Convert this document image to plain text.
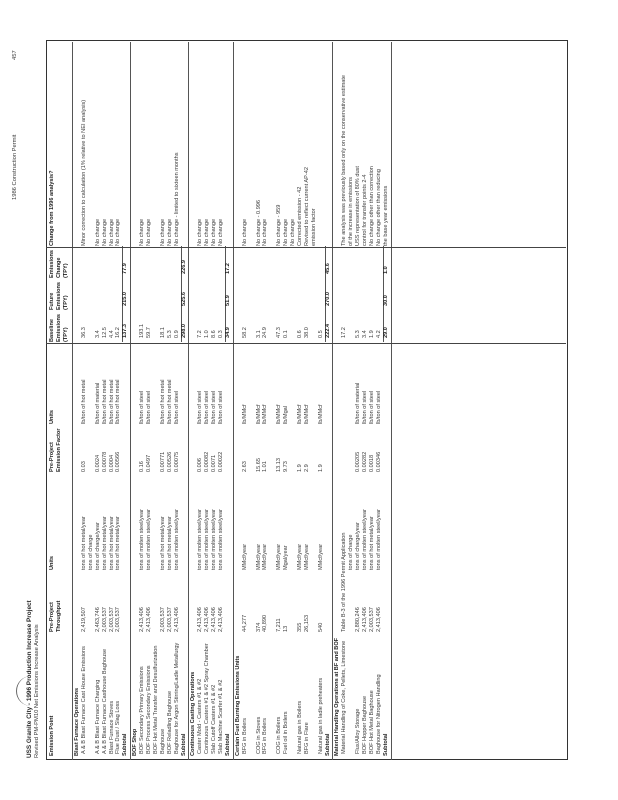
1986 Construction Permit
457
USS Granite City - 1996 Production Increase Project Revised PM-PM10 Net Emissions Increase Analysis Emission Point
Pre-Project Throughput
Units
Pre-Project Emission Factor
Units
Baseline Emissions (TPY)
Future Emissions (TPY)
Emissions Change (TPY)
Change from 1996 analysis?
Blast Furnace Operations A & B Blast Furnace Cast House Emissions
2,419,507
tons of hot metal/year
0.03
lb/ton of hot metal
36.3
Minor correction to calculation (1% relative to NEI analysis)
tons of charge
A & B Blast Furnace Charging
2,463,746
tons of charge/year
0.0024
lb/ton of material
3.4
No change
A & B Blast Furnace Casthouse Baghouse
2,003,537
tons of hot metal/year
0.00078
lb/ton of hot metal
12.5
No change
Blast Furnace Stoves
2,003,537
tons of hot metal/year
0.0004
lb/ton of hot metal
4.4
No change
Flue Dust / Slag Loss
2,003,537
tons of hot metal/year
0.00566
lb/ton of hot metal
16.2
No change
Subtotal
137.3
215.0
77.9
BOF Shop BOF Secondary Primary Emissions
2,413,406
tons of molten steel/year
0.16
lb/ton of steel
193.1
No change
BOF Process Secondary Emissions
2,413,406
tons of molten steel/year
0.0497
lb/ton of steel
59.7
No change
BOF Hot Metal Transfer and Desulfurization Baghouse
2,003,537
tons of hot metal/year
0.00771
lb/ton of hot metal
18.1
No change
BOF Reladling Baghouse
2,003,537
tons of hot metal/year
0.00526
lb/ton of hot metal
5.3
No change
Baghouse for Argon Stirring/Ladle Metallurgy
2,413,406
tons of molten steel/year
0.00075
lb/ton of steel
0.9
No change - limited to sixteen months
Subtotal
298.0
525.6
226.9
Continuous Casting Operations Caster Mold - Casters #1 & #2
2,413,406
tons of molten steel/year
0.006
lb/ton of steel
7.2
No change
Continuous Casters #1 & #2 Spray Chamber
2,413,406
tons of molten steel/year
0.00082
lb/ton of steel
1.0
No change
Slab Cutoff Casters #1 & #2
2,413,406
tons of molten steel/year
0.0071
lb/ton of steel
8.6
No change
Slab Machine Scarfer #1 & #2
2,413,406
tons of molten steel/year
0.00022
lb/ton of steel
0.3
No change
Subtotal
34.9
51.9
17.2
Certain Fuel Burning Emissions Units BFG in Boilers
44,277
MMcf/year
2.63
lb/MMcf
58.2
No change
COG in Stoves
374
MMcf/year
15.65
lb/MMcf
3.1
No change - 0.996
BFG in Boilers
40,890
MMcf/year
1.01
lb/MMcf
24.9
No change
COG in Boilers
7,211
MMcf/year
13.13
lb/MMcf
47.3
No change - 959
Fuel oil in Boilers
13
Mgal/year
9.73
lb/Mgal
0.1
No change No change
Natural gas in Boilers
355
MMcf/year
1.9
lb/MMcf
0.6
Corrected emission - 42
BFG in Flare
26,153
MMcf/year
2.9
lb/MMcf
38.0
Revised to reflect current AP-42 emission factor
Natural gas in ladle preheaters
540
MMcf/year
1.9
lb/MMcf
0.5
Subtotal
222.4
270.0
45.6
Material Handling Operations at BF and BOF Material Handling of Coke, Pellets, Limestone
Table B-3 of the 1996 Permit Application
17.2
The analysis was previously based only on the conservative estimate
tons of charge
of the increase in emissions
Flux/Alloy Storage
2,880,246
tons of charge/year
0.00205
lb/ton of material
5.3
USS representation of 80% dust
BOF Hopper Baghouse
2,413,406
tons of molten steel/year
0.00282
lb/ton of steel
3.4
control for transfer points 2-4
BOF Hot Metal Baghouse
2,003,537
tons of hot metal/year
0.0018
lb/ton of steel
1.9
No change other than correction
Baghouse for Nitrogen Handling
2,413,406
tons of molten steel/year
0.00346
lb/ton of steel
4.2
No change other than reducing
Subtotal
29.0
30.0
1.0
the base year emissions
